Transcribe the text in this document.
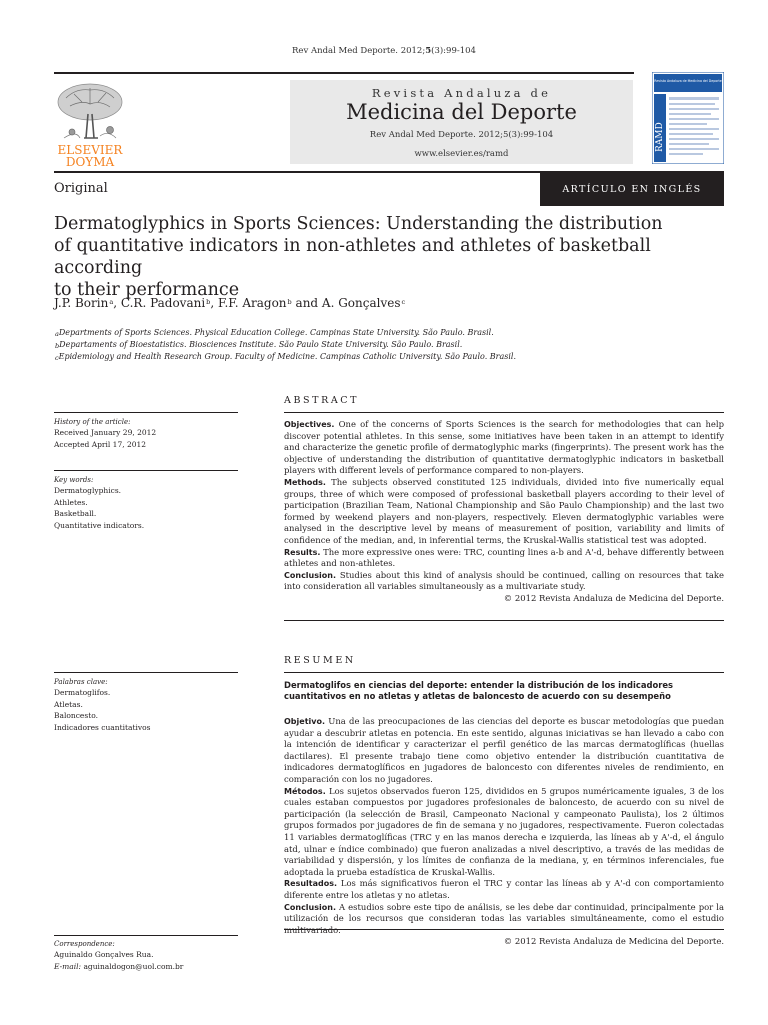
Rev Andal Med Deporte. 2012;5(3):99-104
ELSEVIER
DOYMA
Revista Andaluza de
Medicina del Deporte
Rev Andal Med Deporte. 2012;5(3):99-104
www.elsevier.es/ramd
Revista Andaluza de Medicina del Deporte
RAMD
Original	ARTÍCULO EN INGLÉS
Dermatoglyphics in Sports Sciences: Understanding the distribution
of quantitative indicators in non-athletes and athletes of basketball according
to their performance
J.P. Borin$^a$, C.R. Padovani$^b$, F.F. Aragon$^b$ and A. Gonçalves$^c$
$^a$Departments of Sports Sciences. Physical Education College. Campinas State University. São Paulo. Brasil.
$^b$Departaments of Bioestatistics. Biosciences Institute. São Paulo State University. São Paulo. Brasil.
$^c$Epidemiology and Health Research Group. Faculty of Medicine. Campinas Catholic University. São Paulo. Brasil.
History of the article:
Received January 29, 2012
Accepted April 17, 2012
Key words:
Dermatoglyphics.
Athletes.
Basketball.
Quantitative indicators.
ABSTRACT
Objectives. One of the concerns of Sports Sciences is the search for methodologies that can help discover potential athletes. In this sense, some initiatives have been taken in an attempt to identify and characterize the genetic profile of dermatoglyphic marks (fingerprints). The present work has the objective of understanding the distribution of quantitative dermatoglyphic indicators in basketball players with different levels of performance compared to non-players.
Methods. The subjects observed constituted 125 individuals, divided into five numerically equal groups, three of which were composed of professional basketball players according to their level of participation (Brazilian Team, National Championship and São Paulo Championship) and the last two formed by weekend players and non-players, respectively. Eleven dermatoglyphic variables were analysed in the descriptive level by means of measurement of position, variability and limits of confidence of the median, and, in inferential terms, the Kruskal-Wallis statistical test was adopted.
Results. The more expressive ones were: TRC, counting lines a-b and A'-d, behave differently between athletes and non-athletes.
Conclusion. Studies about this kind of analysis should be continued, calling on resources that take into consideration all variables simultaneously as a multivariate study.
© 2012 Revista Andaluza de Medicina del Deporte.
RESUMEN
Palabras clave:
Dermatoglifos.
Atletas.
Baloncesto.
Indicadores cuantitativos
Dermatoglifos en ciencias del deporte: entender la distribución de los indicadores cuantitativos en no atletas y atletas de baloncesto de acuerdo con su desempeño
Objetivo. Una de las preocupaciones de las ciencias del deporte es buscar metodologías que puedan ayudar a descubrir atletas en potencia. En este sentido, algunas iniciativas se han llevado a cabo con la intención de identificar y caracterizar el perfil genético de las marcas dermatoglíficas (huellas dactilares). El presente trabajo tiene como objetivo entender la distribución cuantitativa de indicadores dermatoglíficos en jugadores de baloncesto con diferentes niveles de rendimiento, en comparación con los no jugadores.
Métodos. Los sujetos observados fueron 125, divididos en 5 grupos numéricamente iguales, 3 de los cuales estaban compuestos por jugadores profesionales de baloncesto, de acuerdo con su nivel de participación (la selección de Brasil, Campeonato Nacional y campeonato Paulista), los 2 últimos grupos formados por jugadores de fin de semana y no jugadores, respectivamente. Fueron colectadas 11 variables dermatoglíficas (TRC y en las manos derecha e izquierda, las líneas ab y A'-d, el ángulo atd, ulnar e índice combinado) que fueron analizadas a nivel descriptivo, a través de las medidas de variabilidad y dispersión, y los límites de confianza de la mediana, y, en términos inferenciales, fue adoptada la prueba estadística de Kruskal-Wallis.
Resultados. Los más significativos fueron el TRC y contar las líneas ab y A'-d con comportamiento diferente entre los atletas y no atletas.
Conclusion. A estudios sobre este tipo de análisis, se les debe dar continuidad, principalmente por la utilización de los recursos que consideran todas las variables simultáneamente, como el estudio
© 2012 Revista Andaluza de Medicina del Deporte.
Correspondence:
Aguinaldo Gonçalves Rua.
E-mail: aguinaldogon@uol.com.br
